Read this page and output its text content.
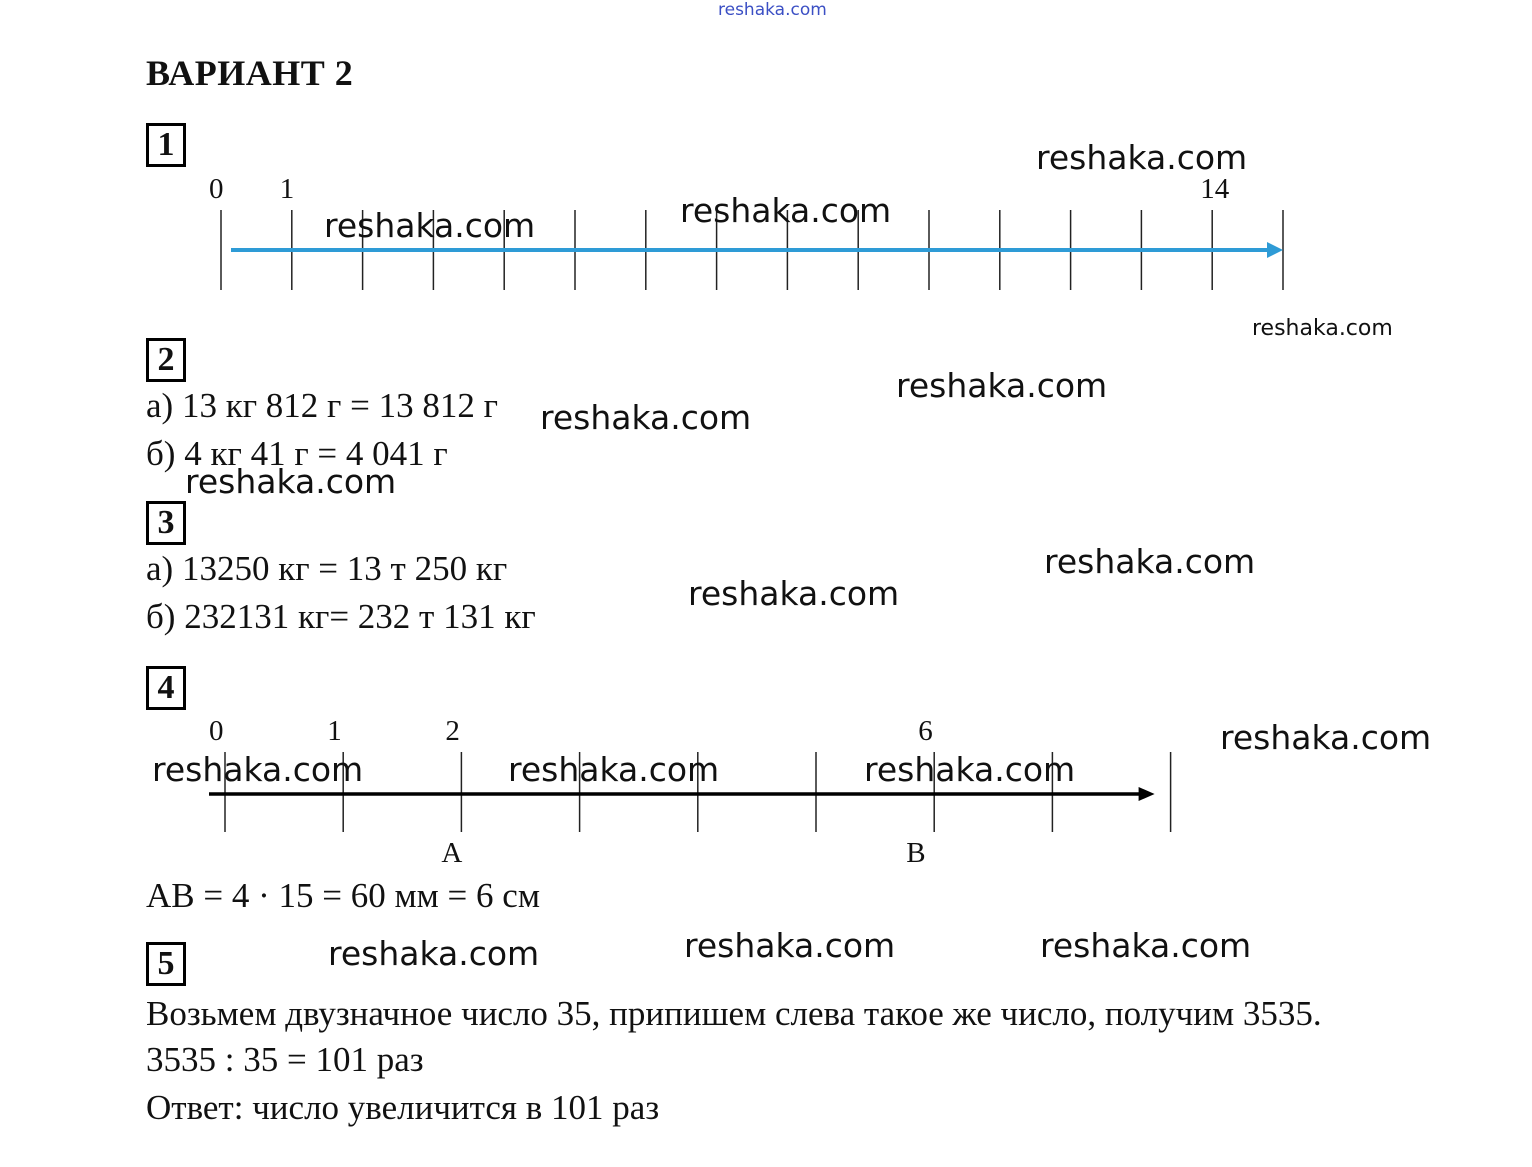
reshaka.com
ВАРИАНТ 2
1
0 1	14
0	1	2	6
A	B
2
а) 13 кг 812 г = 13 812 г
б) 4 кг 41 г = 4 041 г
3
а) 13250 кг = 13 т 250 кг
б) 232131 кг= 232 т 131 кг
4
АВ = 4 · 15 = 60 мм = 6 см
5
Возьмем двузначное число 35, припишем слева такое же число, получим 3535.
3535 : 35 = 101 раз
Ответ: число увеличится в 101 раз
reshaka.com
reshaka.com
reshaka.com
reshaka.com
reshaka.com
reshaka.com
reshaka.com
reshaka.com
reshaka.com
reshaka.com
reshaka.com	reshaka.com	reshaka.com
reshaka.com	reshaka.com	reshaka.com
